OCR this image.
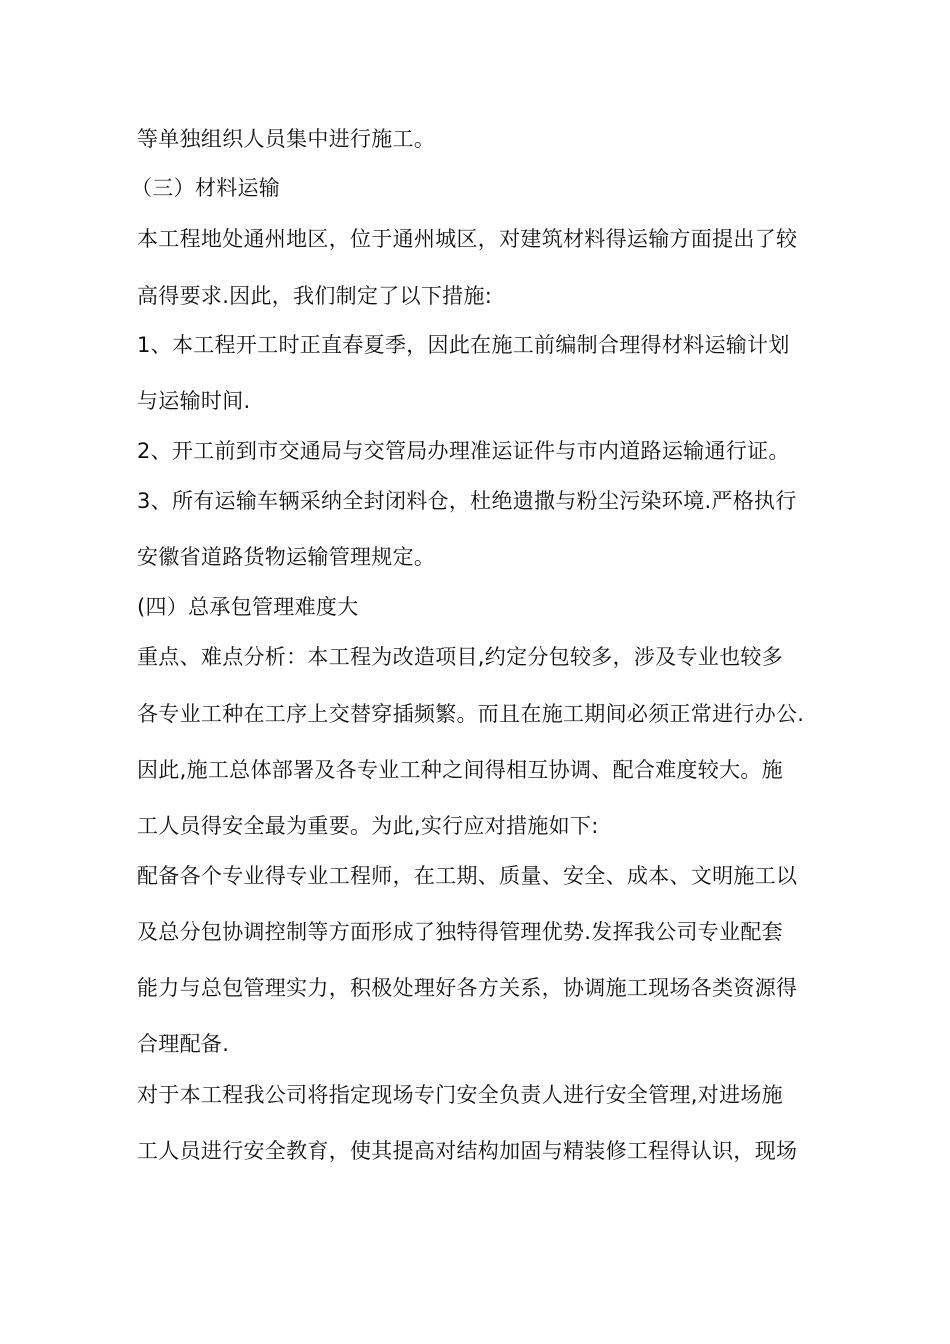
等单独组织人员集中进行施工。
（三）材料运输
本工程地处通州地区，位于通州城区，对建筑材料得运输方面提出了较
高得要求.因此，我们制定了以下措施:
1、本工程开工时正直春夏季，因此在施工前编制合理得材料运输计划
与运输时间.
2、开工前到市交通局与交管局办理准运证件与市内道路运输通行证。
3、所有运输车辆采纳全封闭料仓，杜绝遗撒与粉尘污染环境.严格执行
安徽省道路货物运输管理规定。
(四）总承包管理难度大
重点、难点分析：本工程为改造项目,约定分包较多，涉及专业也较多
各专业工种在工序上交替穿插频繁。而且在施工期间必须正常进行办公.
因此,施工总体部署及各专业工种之间得相互协调、配合难度较大。施
工人员得安全最为重要。为此,实行应对措施如下:
配备各个专业得专业工程师，在工期、质量、安全、成本、文明施工以
及总分包协调控制等方面形成了独特得管理优势.发挥我公司专业配套
能力与总包管理实力，积极处理好各方关系，协调施工现场各类资源得
合理配备.
对于本工程我公司将指定现场专门安全负责人进行安全管理,对进场施
工人员进行安全教育，使其提高对结构加固与精装修工程得认识，现场
